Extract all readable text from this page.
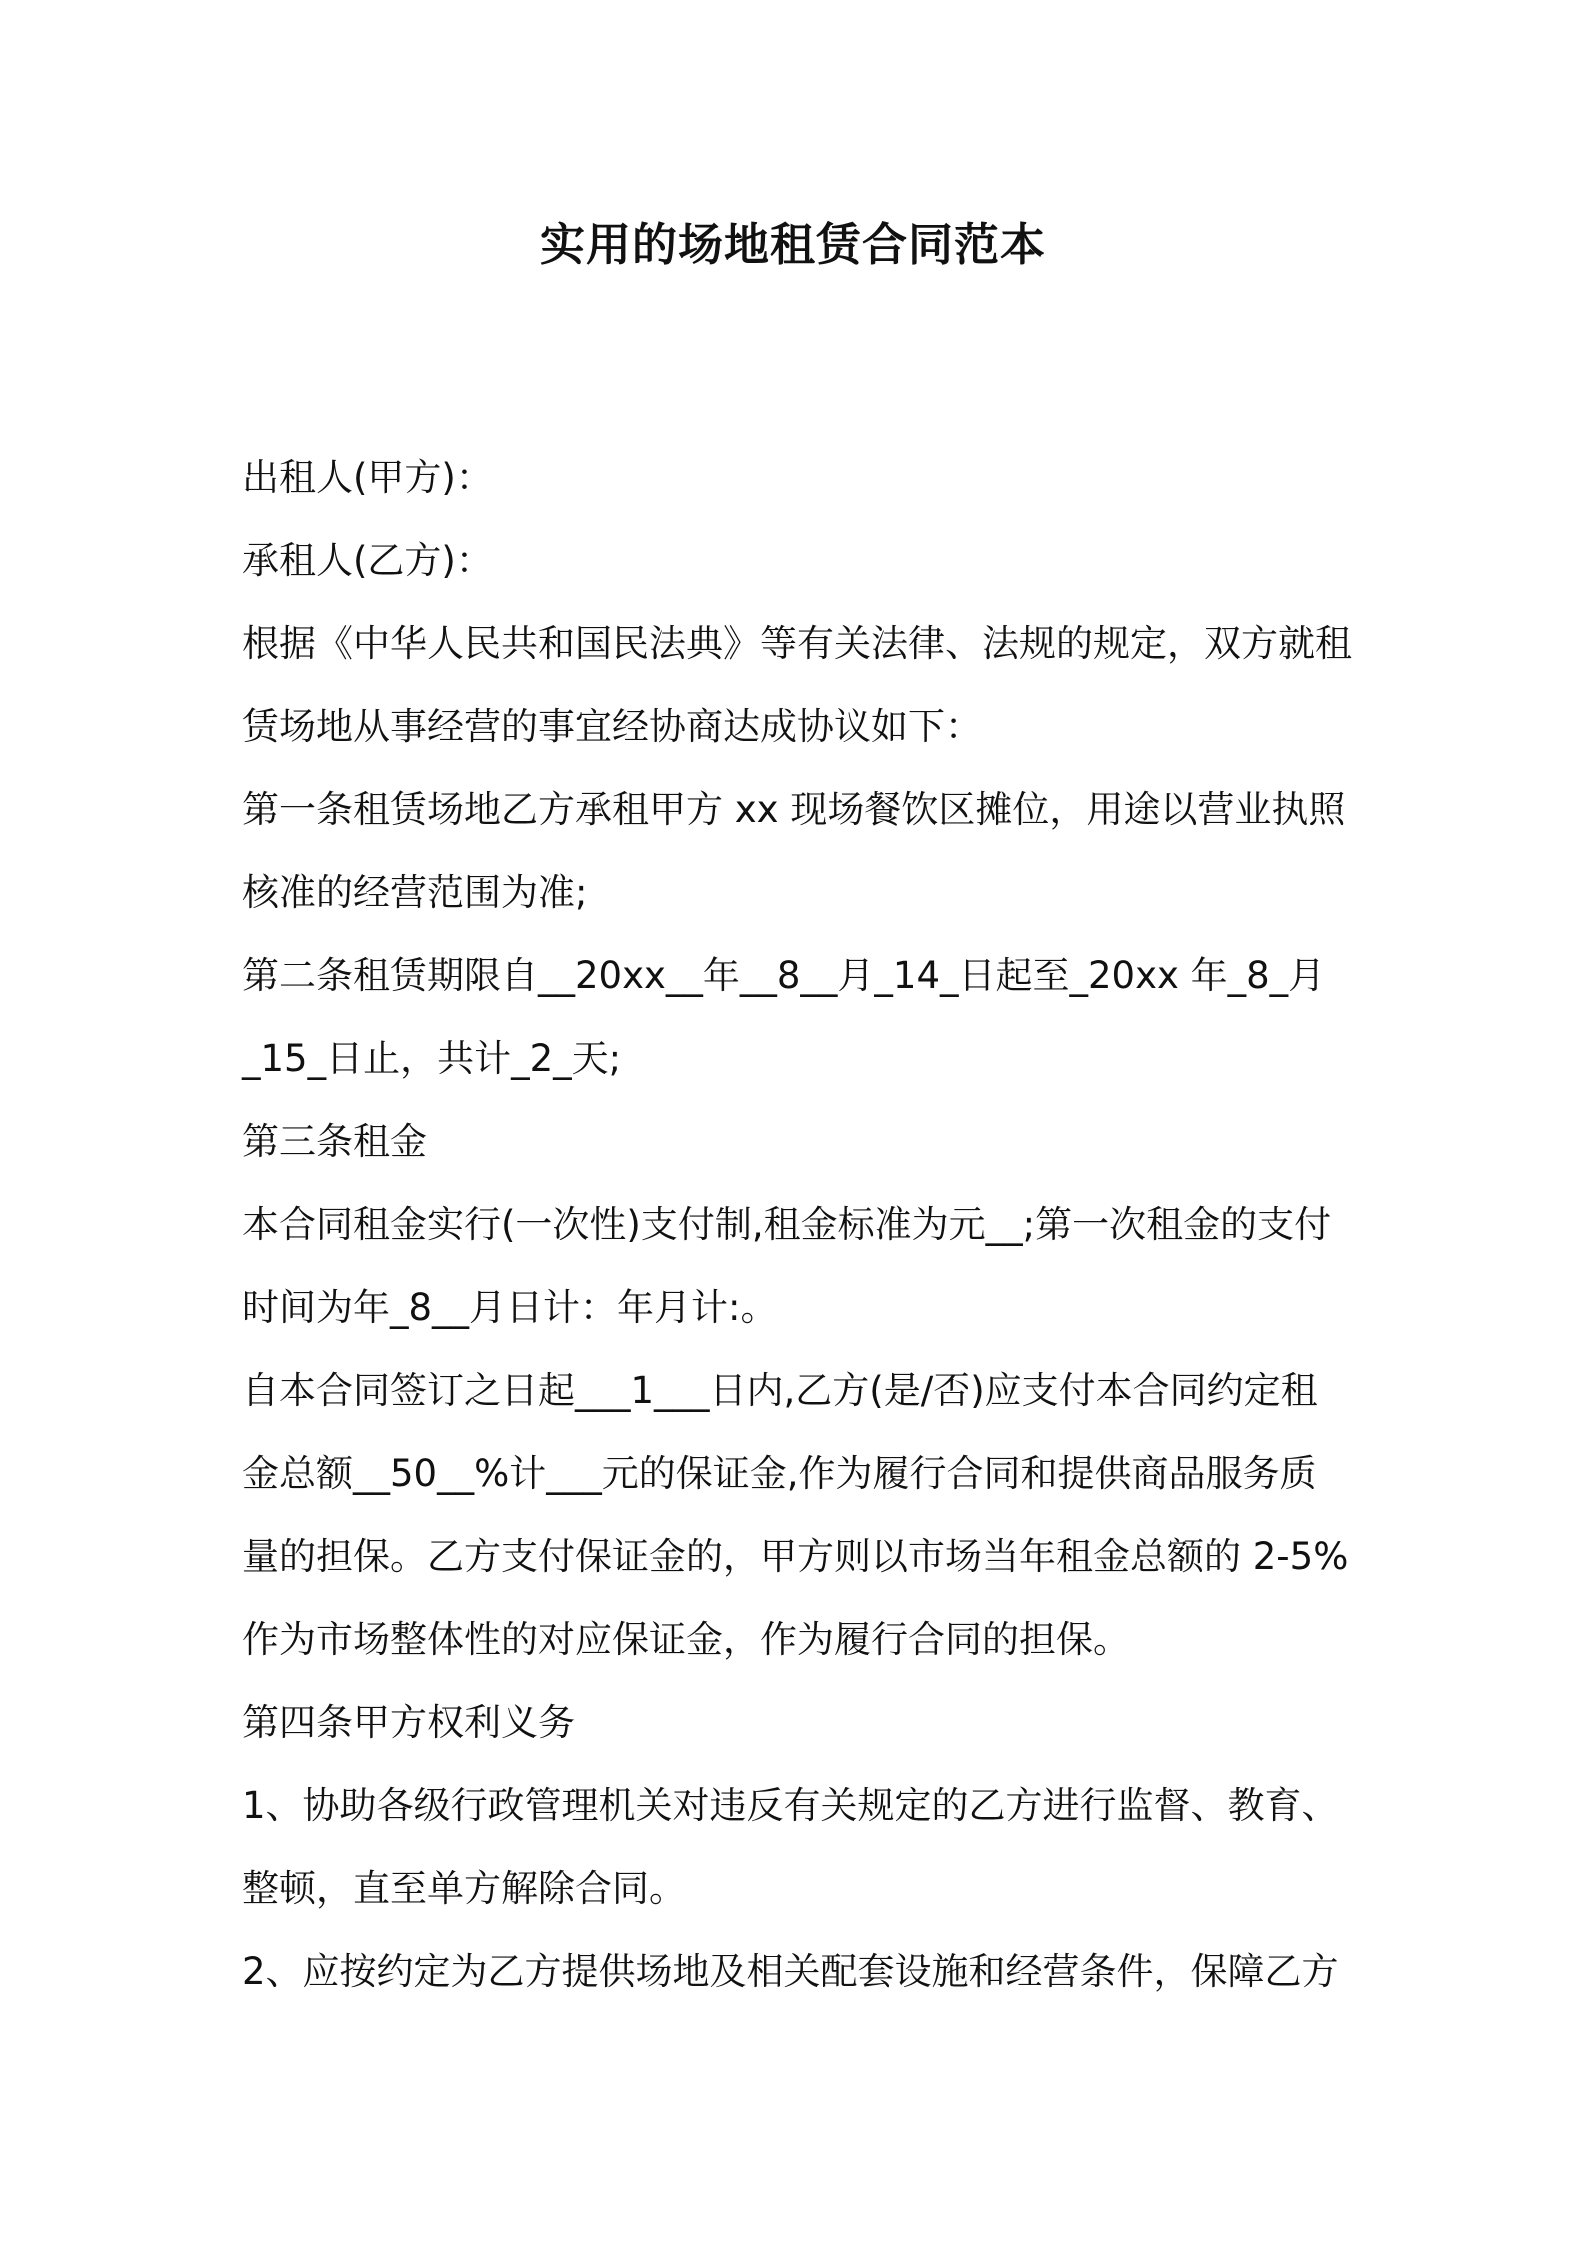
实用的场地租赁合同范本
出租人(甲方)：
承租人(乙方)：
根据《中华人民共和国民法典》等有关法律、法规的规定，双方就租
赁场地从事经营的事宜经协商达成协议如下：
第一条租赁场地乙方承租甲方 xx 现场餐饮区摊位，用途以营业执照
核准的经营范围为准;
第二条租赁期限自__20xx__年__8__月_14_日起至_20xx 年_8_月
_15_日止，共计_2_天;
第三条租金
本合同租金实行(一次性)支付制,租金标准为元__;第一次租金的支付
时间为年_8__月日计：年月计:。
自本合同签订之日起___1___日内,乙方(是/否)应支付本合同约定租
金总额__50__%计___元的保证金,作为履行合同和提供商品服务质
量的担保。乙方支付保证金的，甲方则以市场当年租金总额的 2-5%
作为市场整体性的对应保证金，作为履行合同的担保。
第四条甲方权利义务
1、协助各级行政管理机关对违反有关规定的乙方进行监督、教育、
整顿，直至单方解除合同。
2、应按约定为乙方提供场地及相关配套设施和经营条件，保障乙方
